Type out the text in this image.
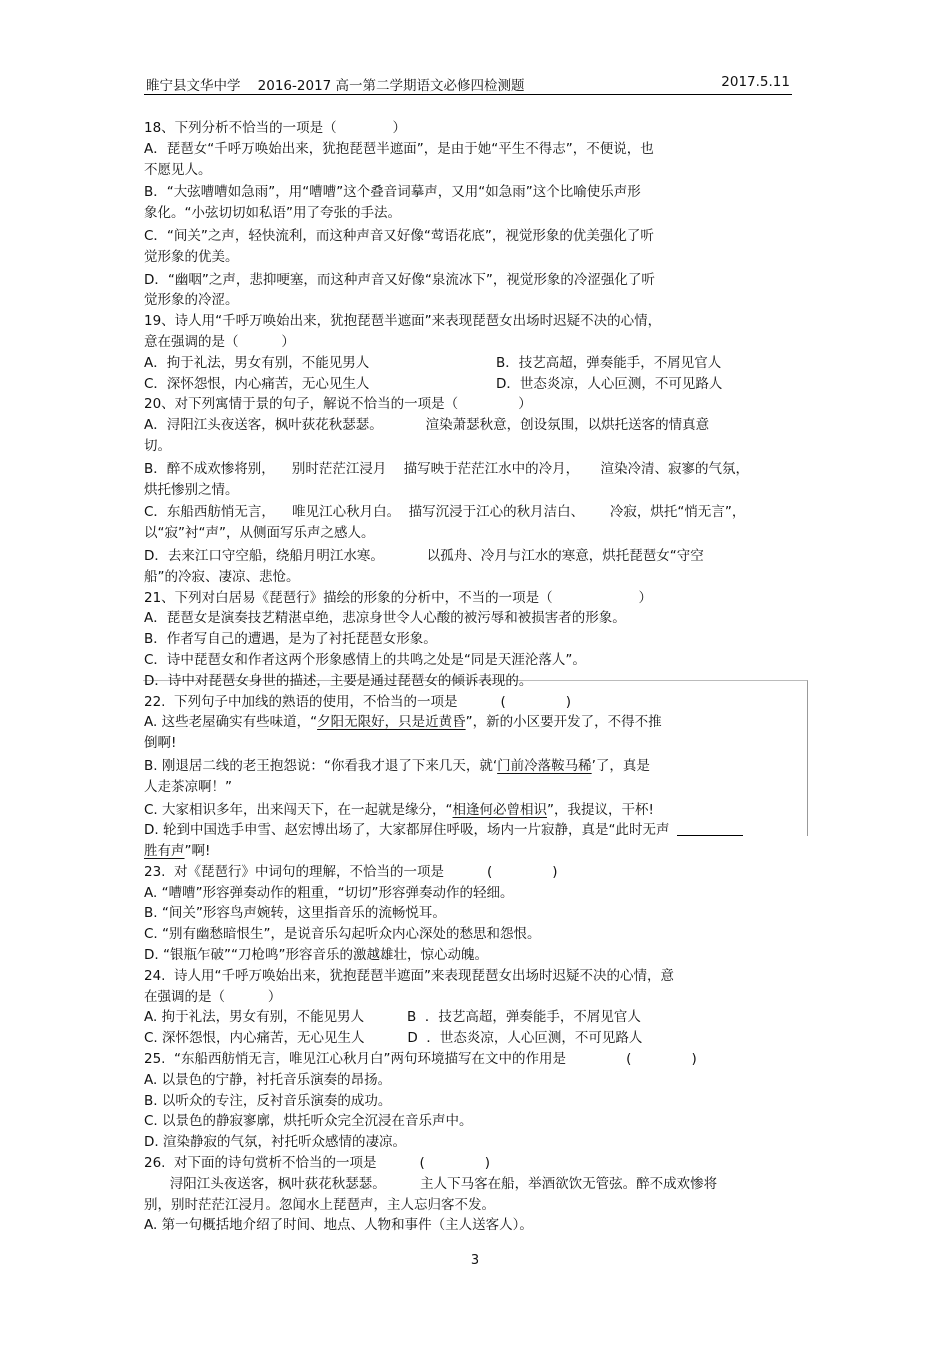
睢宁县文华中学    2016-2017 高一第二学期语文必修四检测题	2017.5.11
18、下列分析不恰当的一项是（             ）
A．琵琶女“千呼万唤始出来，犹抱琵琶半遮面”，是由于她“平生不得志”，不便说，也
不愿见人。
B．“大弦嘈嘈如急雨”，用“嘈嘈”这个叠音词摹声，又用“如急雨”这个比喻使乐声形
象化。“小弦切切如私语”用了夸张的手法。
C．“间关”之声，轻快流利，而这种声音又好像“莺语花底”，视觉形象的优美强化了听
觉形象的优美。
D．“幽咽”之声，悲抑哽塞，而这种声音又好像“泉流冰下”，视觉形象的冷涩强化了听
觉形象的冷涩。
19、诗人用“千呼万唤始出来，犹抱琵琶半遮面”来表现琵琶女出场时迟疑不决的心情，
意在强调的是（          ）
A．拘于礼法，男女有别，不能见男人	B．技艺高超，弹奏能手，不屑见官人
C．深怀怨恨，内心痛苦，无心见生人	D．世态炎凉，人心叵测，不可见路人
20、对下列寓情于景的句子，解说不恰当的一项是（              ）
A．浔阳江头夜送客，枫叶荻花秋瑟瑟。          渲染萧瑟秋意，创设氛围，以烘托送客的情真意
切。
B．醉不成欢惨将别，    别时茫茫江浸月    描写映于茫茫江水中的冷月，     渲染冷清、寂寥的气氛，
烘托惨别之情。
C．东船西舫悄无言，    唯见江心秋月白。  描写沉浸于江心的秋月洁白、      冷寂，烘托“悄无言”，
以“寂”衬“声”，从侧面写乐声之感人。
D．去来江口守空船，绕船月明江水寒。          以孤舟、冷月与江水的寒意，烘托琵琶女“守空
船”的冷寂、凄凉、悲怆。
21、下列对白居易《琵琶行》描绘的形象的分析中，不当的一项是（                    ）
A．琵琶女是演奏技艺精湛卓绝，悲凉身世令人心酸的被污辱和被损害者的形象。
B．作者写自己的遭遇，是为了衬托琵琶女形象。
C．诗中琵琶女和作者这两个形象感情上的共鸣之处是“同是天涯沦落人”。
D．诗中对琵琶女身世的描述，主要是通过琵琶女的倾诉表现的。
22.  下列句子中加线的熟语的使用，不恰当的一项是          (              )
A. 这些老屋确实有些味道，“夕阳无限好，只是近黄昏”，新的小区要开发了，不得不推
倒啊!
B. 刚退居二线的老王抱怨说：“你看我才退了下来几天，就‘门前冷落鞍马稀’了，真是
人走茶凉啊！”
C. 大家相识多年，出来闯天下，在一起就是缘分，“相逢何必曾相识”，我提议，干杯!
D. 轮到中国选手申雪、赵宏博出场了，大家都屏住呼吸，场内一片寂静，真是“此时无声
胜有声”啊!
23.  对《琵琶行》中词句的理解，不恰当的一项是          (              )
A. “嘈嘈”形容弹奏动作的粗重，“切切”形容弹奏动作的轻细。
B. “间关”形容鸟声婉转，这里指音乐的流畅悦耳。
C. “别有幽愁暗恨生”，是说音乐勾起听众内心深处的愁思和怨恨。
D. “银瓶乍破”“刀枪鸣”形容音乐的激越雄壮，惊心动魄。
24.  诗人用“千呼万唤始出来，犹抱琵琶半遮面”来表现琵琶女出场时迟疑不决的心情，意
在强调的是（          ）
A. 拘于礼法，男女有别，不能见男人          B  ．技艺高超，弹奏能手，不屑见官人
C. 深怀怨恨，内心痛苦，无心见生人          D  ．世态炎凉，人心叵测，不可见路人
25.  “东船西舫悄无言，唯见江心秋月白”两句环境描写在文中的作用是              (              )
A. 以景色的宁静，衬托音乐演奏的昂扬。
B. 以听众的专注，反衬音乐演奏的成功。
C. 以景色的静寂寥廓，烘托听众完全沉浸在音乐声中。
D. 渲染静寂的气氛，衬托听众感情的凄凉。
26.  对下面的诗句赏析不恰当的一项是          (              )
浔阳江头夜送客，枫叶荻花秋瑟瑟。        主人下马客在船，举酒欲饮无管弦。醉不成欢惨将
别，别时茫茫江浸月。忽闻水上琵琶声，主人忘归客不发。
A. 第一句概括地介绍了时间、地点、人物和事件（主人送客人）。
3
